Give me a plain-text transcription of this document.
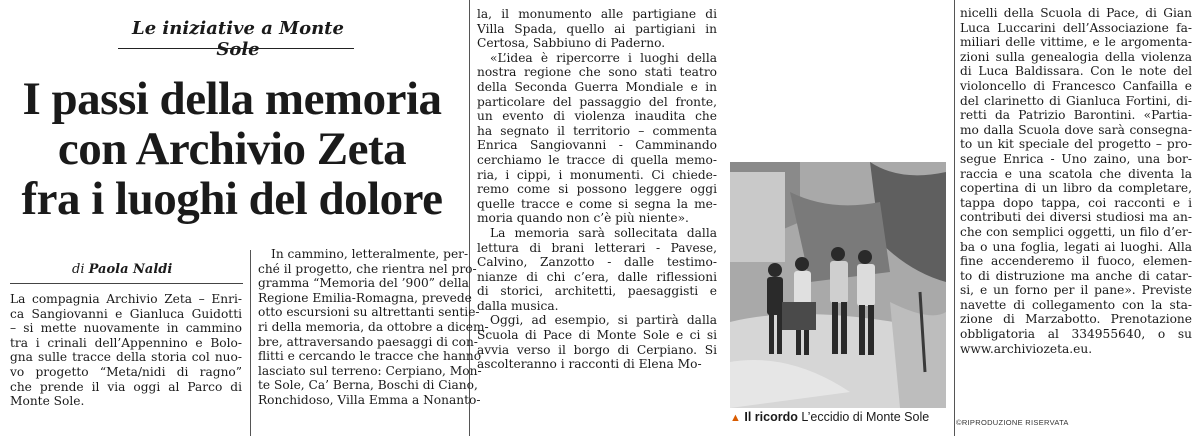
Le iniziative a Monte Sole
I passi della memoria
con Archivio Zeta
fra i luoghi del dolore
di Paola Naldi

La compagnia Archivio Zeta – Enri-
ca Sangiovanni e Gianluca Guidotti
– si mette nuovamente in cammino
tra i crinali dell’Appennino e Bolo-
gna sulle tracce della storia col nuo-
vo progetto “Meta/nidi di ragno”
che prende il via oggi al Parco di
Monte Sole.

In cammino, letteralmente, per-
ché il progetto, che rientra nel pro-
gramma “Memoria del ’900” della
Regione Emilia-Romagna, prevede
otto escursioni su altrettanti sentie-
ri della memoria, da ottobre a dicem-
bre, attraversando paesaggi di con-
flitti e cercando le tracce che hanno
lasciato sul terreno: Cerpiano, Mon-
te Sole, Ca’ Berna, Boschi di Ciano,
Ronchidoso, Villa Emma a Nonanto-

la, il monumento alle partigiane di
Villa Spada, quello ai partigiani in
Certosa, Sabbiuno di Paderno.

«L’idea è ripercorre i luoghi della
nostra regione che sono stati teatro
della Seconda Guerra Mondiale e in
particolare del passaggio del fronte,
un evento di violenza inaudita che
ha segnato il territorio – commenta
Enrica Sangiovanni - Camminando
cerchiamo le tracce di quella memo-
ria, i cippi, i monumenti. Ci chiede-
remo come si possono leggere oggi
quelle tracce e come si segna la me-
moria quando non c’è più niente».

La memoria sarà sollecitata dalla
lettura di brani letterari - Pavese,
Calvino, Zanzotto - dalle testimo-
nianze di chi c’era, dalle riflessioni
di storici, architetti, paesaggisti e
dalla musica.

Oggi, ad esempio, si partirà dalla
Scuola di Pace di Monte Sole e ci si
avvia verso il borgo di Cerpiano. Si
ascolteranno i racconti di Elena Mo-

nicelli della Scuola di Pace, di Gian
Luca Luccarini dell’Associazione fa-
miliari delle vittime, e le argomenta-
zioni sulla genealogia della violenza
di Luca Baldissara. Con le note del
violoncello di Francesco Canfailla e
del clarinetto di Gianluca Fortini, di-
retti da Patrizio Barontini. «Partia-
mo dalla Scuola dove sarà consegna-
to un kit speciale del progetto – pro-
segue Enrica - Uno zaino, una bor-
raccia e una scatola che diventa la
copertina di un libro da completare,
tappa dopo tappa, coi racconti e i
contributi dei diversi studiosi ma an-
che con semplici oggetti, un filo d’er-
ba o una foglia, legati ai luoghi. Alla
fine accenderemo il fuoco, elemen-
to di distruzione ma anche di catar-
si, e un forno per il pane». Previste
navette di collegamento con la sta-
zione di Marzabotto. Prenotazione
obbligatoria al 334955640, o su
www.archiviozeta.eu.

▲ Il ricordo L’eccidio di Monte Sole	©RIPRODUZIONE RISERVATA
